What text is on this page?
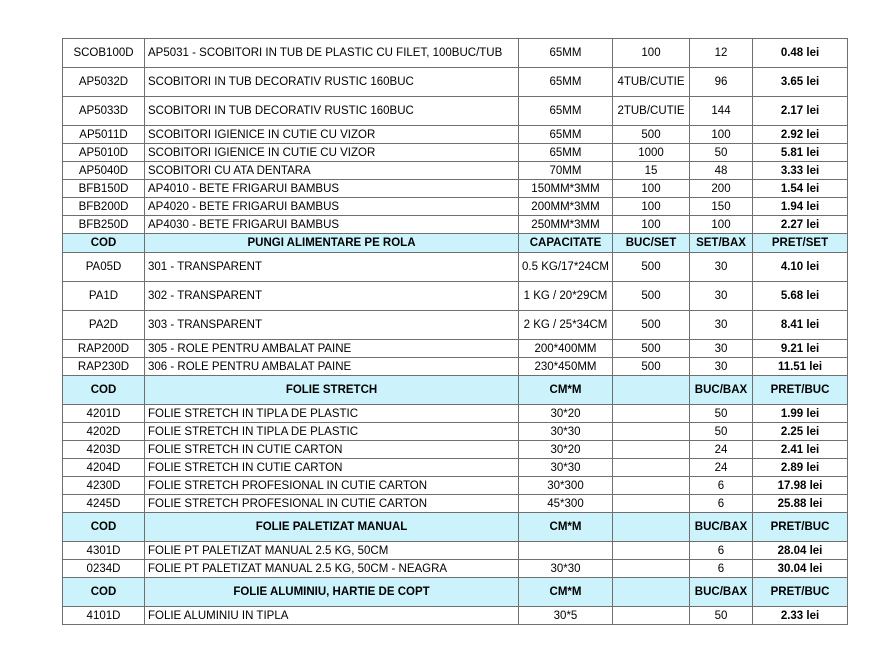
SCOB100D	AP5031 - SCOBITORI IN TUB DE PLASTIC CU FILET, 100BUC/TUB	65MM	100	12	0.48 lei
AP5032D	SCOBITORI IN TUB DECORATIV RUSTIC 160BUC	65MM	4TUB/CUTIE	96	3.65 lei
AP5033D	SCOBITORI IN TUB DECORATIV RUSTIC 160BUC	65MM	2TUB/CUTIE	144	2.17 lei
AP5011D	SCOBITORI IGIENICE IN CUTIE CU VIZOR	65MM	500	100	2.92 lei
AP5010D	SCOBITORI IGIENICE IN CUTIE CU VIZOR	65MM	1000	50	5.81 lei
AP5040D	SCOBITORI CU ATA DENTARA	70MM	15	48	3.33 lei
BFB150D	AP4010 - BETE FRIGARUI BAMBUS	150MM*3MM	100	200	1.54 lei
BFB200D	AP4020 - BETE FRIGARUI BAMBUS	200MM*3MM	100	150	1.94 lei
BFB250D	AP4030 - BETE FRIGARUI BAMBUS	250MM*3MM	100	100	2.27 lei
COD	PUNGI ALIMENTARE PE ROLA	CAPACITATE	BUC/SET	SET/BAX	PRET/SET
PA05D	301 - TRANSPARENT	0.5 KG/17*24CM	500	30	4.10 lei
PA1D	302 - TRANSPARENT	1 KG / 20*29CM	500	30	5.68 lei
PA2D	303 - TRANSPARENT	2 KG / 25*34CM	500	30	8.41 lei
RAP200D	305 - ROLE PENTRU AMBALAT PAINE	200*400MM	500	30	9.21 lei
RAP230D	306 - ROLE PENTRU AMBALAT PAINE	230*450MM	500	30	11.51 lei
COD	FOLIE STRETCH	CM*M		BUC/BAX	PRET/BUC
4201D	FOLIE STRETCH IN TIPLA DE PLASTIC	30*20		50	1.99 lei
4202D	FOLIE STRETCH IN TIPLA DE PLASTIC	30*30		50	2.25 lei
4203D	FOLIE STRETCH IN CUTIE CARTON	30*20		24	2.41 lei
4204D	FOLIE STRETCH IN CUTIE CARTON	30*30		24	2.89 lei
4230D	FOLIE STRETCH PROFESIONAL IN CUTIE CARTON	30*300		6	17.98 lei
4245D	FOLIE STRETCH PROFESIONAL IN CUTIE CARTON	45*300		6	25.88 lei
COD	FOLIE PALETIZAT MANUAL	CM*M		BUC/BAX	PRET/BUC
4301D	FOLIE PT PALETIZAT MANUAL 2.5 KG, 50CM			6	28.04 lei
0234D	FOLIE PT PALETIZAT MANUAL 2.5 KG, 50CM - NEAGRA	30*30		6	30.04 lei
COD	FOLIE ALUMINIU, HARTIE DE COPT	CM*M		BUC/BAX	PRET/BUC
4101D	FOLIE ALUMINIU IN TIPLA	30*5		50	2.33 lei
